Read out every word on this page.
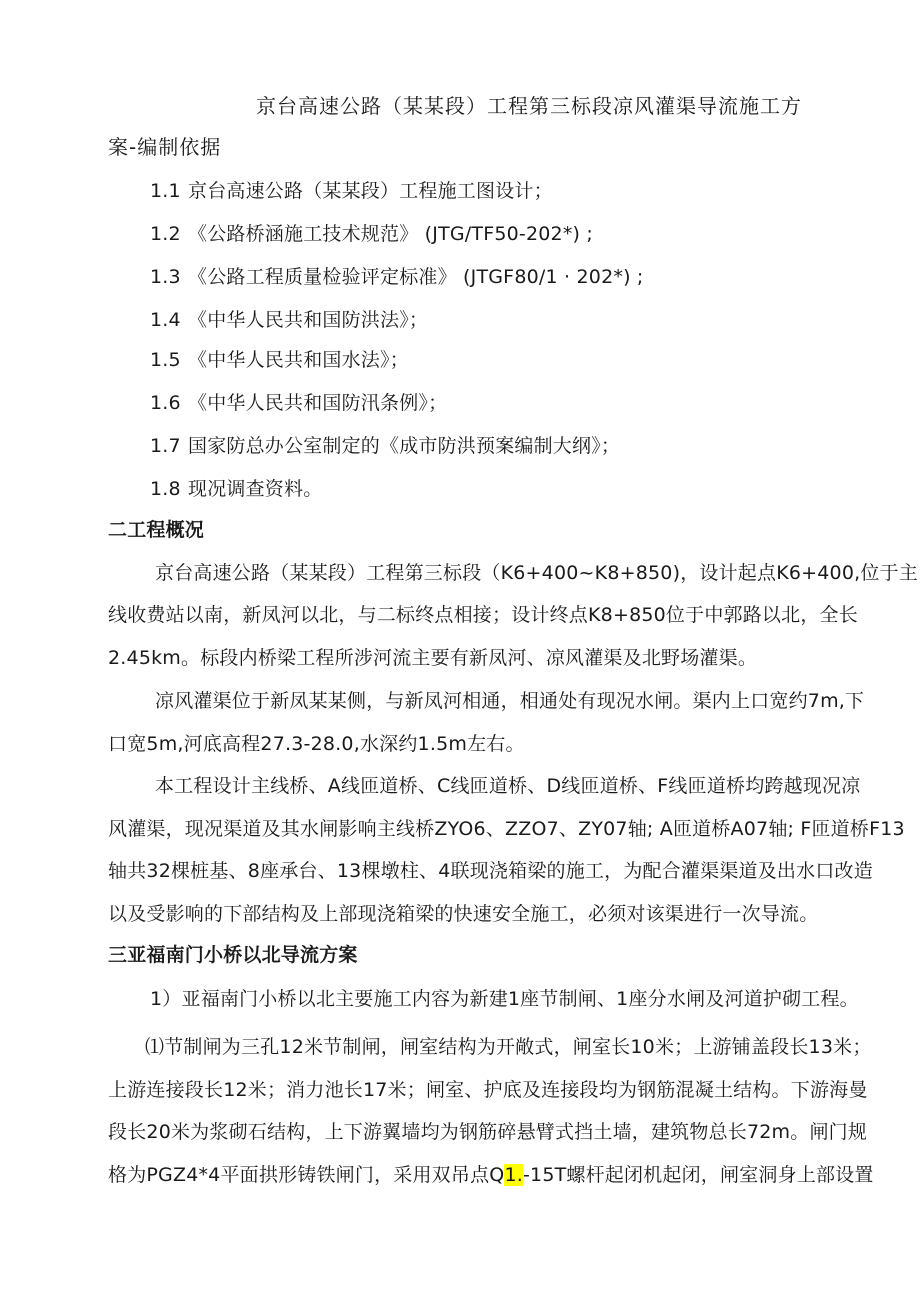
京台高速公路（某某段）工程第三标段凉风灌渠导流施工方

案-编制依据

1.1 京台高速公路（某某段）工程施工图设计；

1.2 《公路桥涵施工技术规范》 (JTG/TF50-202*) ;

1.3 《公路工程质量检验评定标准》 (JTGF80/1 · 202*) ;

1.4 《中华人民共和国防洪法》；

1.5 《中华人民共和国水法》；

1.6 《中华人民共和国防汛条例》；

1.7 国家防总办公室制定的《成市防洪预案编制大纲》；

1.8 现况调查资料。

二工程概况

京台高速公路（某某段）工程第三标段（K6+400~K8+850)，设计起点K6+400,位于主

线收费站以南，新凤河以北，与二标终点相接；设计终点K8+850位于中郭路以北，全长

2.45km。标段内桥梁工程所涉河流主要有新凤河、凉风灌渠及北野场灌渠。

凉风灌渠位于新凤某某侧，与新凤河相通，相通处有现况水闸。渠内上口宽约7m,下

口宽5m,河底高程27.3-28.0,水深约1.5m左右。

本工程设计主线桥、A线匝道桥、C线匝道桥、D线匝道桥、F线匝道桥均跨越现况凉

风灌渠，现况渠道及其水闸影响主线桥ZYO6、ZZO7、ZY07轴; A匝道桥A07轴; F匝道桥F13

轴共32棵桩基、8座承台、13棵墩柱、4联现浇箱梁的施工，为配合灌渠渠道及出水口改造

以及受影响的下部结构及上部现浇箱梁的快速安全施工，必须对该渠进行一次导流。

三亚福南门小桥以北导流方案

1）亚福南门小桥以北主要施工内容为新建1座节制闸、1座分水闸及河道护砌工程。

⑴节制闸为三孔12米节制闸，闸室结构为开敞式，闸室长10米；上游铺盖段长13米；

上游连接段长12米；消力池长17米；闸室、护底及连接段均为钢筋混凝土结构。下游海曼

段长20米为浆砌石结构，上下游翼墙均为钢筋碎悬臂式挡土墙，建筑物总长72m。闸门规

格为PGZ4*4平面拱形铸铁闸门，采用双吊点Q1.-15T螺杆起闭机起闭，闸室洞身上部设置
